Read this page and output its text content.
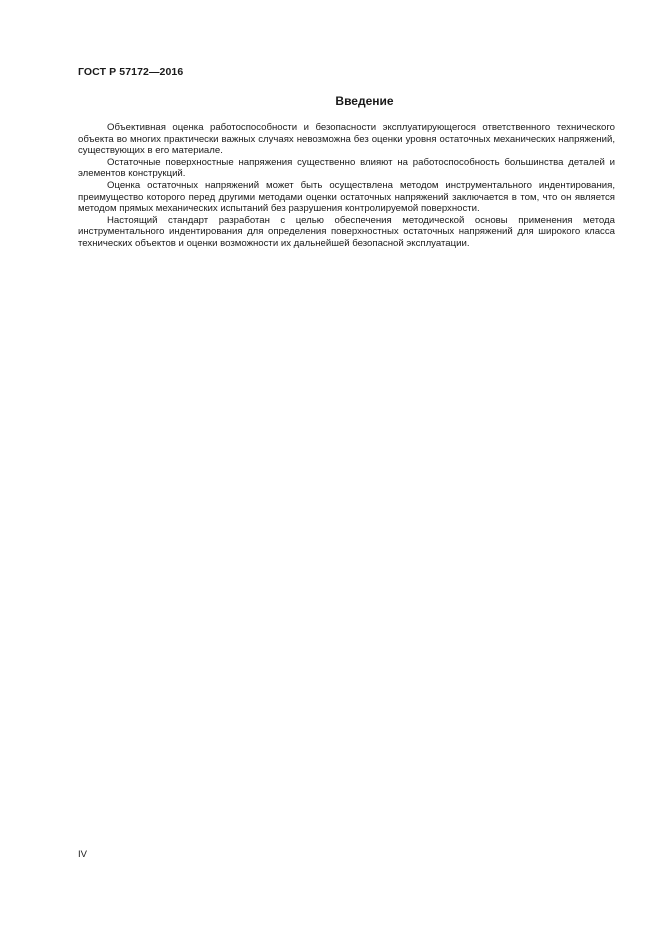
ГОСТ Р 57172—2016
Введение

Объективная оценка работоспособности и безопасности эксплуатирующегося ответственного технического объекта во многих практически важных случаях невозможна без оценки уровня остаточных механических напряжений, существующих в его материале.

Остаточные поверхностные напряжения существенно влияют на работоспособность большинства деталей и элементов конструкций.

Оценка остаточных напряжений может быть осуществлена методом инструментального индентирования, преимущество которого перед другими методами оценки остаточных напряжений заключается в том, что он является методом прямых механических испытаний без разрушения контролируемой поверхности.

Настоящий стандарт разработан с целью обеспечения методической основы применения метода инструментального индентирования для определения поверхностных остаточных напряжений для широкого класса технических объектов и оценки возможности их дальнейшей безопасной эксплуатации.

IV
